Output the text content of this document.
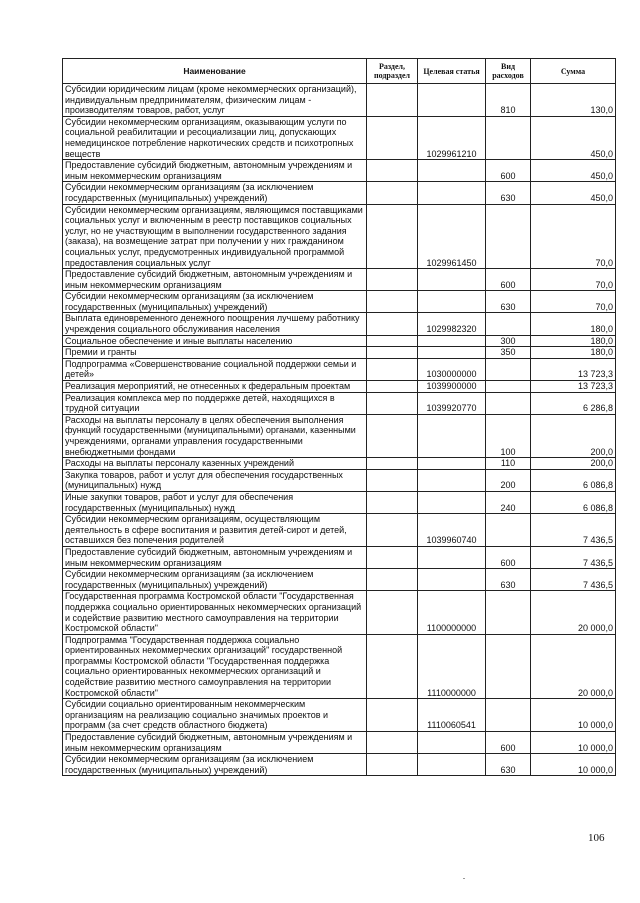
Наименование	Раздел, подраздел	Целевая статья	Вид расходов	Сумма
Субсидии юридическим лицам (кроме некоммерческих организаций), индивидуальным предпринимателям, физическим лицам - производителям товаров, работ, услуг			810	130,0
Субсидии некоммерческим организациям, оказывающим услуги по социальной реабилитации и ресоциализации лиц, допускающих немедицинское потребление наркотических средств и психотропных веществ		1029961210		450,0
Предоставление субсидий бюджетным, автономным учреждениям и иным некоммерческим организациям			600	450,0
Субсидии некоммерческим организациям (за исключением государственных (муниципальных) учреждений)			630	450,0
Субсидии некоммерческим организациям, являющимся поставщиками социальных услуг и включенным в реестр поставщиков социальных услуг, но не участвующим в выполнении государственного задания (заказа), на возмещение затрат при получении у них гражданином социальных услуг, предусмотренных индивидуальной программой предоставления социальных услуг		1029961450		70,0
Предоставление субсидий бюджетным, автономным учреждениям и иным некоммерческим организациям			600	70,0
Субсидии некоммерческим организациям (за исключением государственных (муниципальных) учреждений)			630	70,0
Выплата единовременного денежного поощрения лучшему работнику учреждения социального обслуживания населения		1029982320		180,0
Социальное обеспечение и иные выплаты населению			300	180,0
Премии и гранты			350	180,0
Подпрограмма «Совершенствование социальной поддержки семьи и детей»		1030000000		13 723,3
Реализация мероприятий, не отнесенных к федеральным проектам		1039900000		13 723,3
Реализация комплекса мер по поддержке детей, находящихся в трудной ситуации		1039920770		6 286,8
Расходы на выплаты персоналу в целях обеспечения выполнения функций государственными (муниципальными) органами, казенными учреждениями, органами управления государственными внебюджетными фондами			100	200,0
Расходы на выплаты персоналу казенных учреждений			110	200,0
Закупка товаров, работ и услуг для обеспечения государственных (муниципальных) нужд			200	6 086,8
Иные закупки товаров, работ и услуг для обеспечения государственных (муниципальных) нужд			240	6 086,8
Субсидии некоммерческим организациям, осуществляющим деятельность в сфере воспитания и развития детей-сирот и детей, оставшихся без попечения родителей		1039960740		7 436,5
Предоставление субсидий бюджетным, автономным учреждениям и иным некоммерческим организациям			600	7 436,5
Субсидии некоммерческим организациям (за исключением государственных (муниципальных) учреждений)			630	7 436,5
Государственная программа Костромской области "Государственная поддержка социально ориентированных некоммерческих организаций и содействие развитию местного самоуправления на территории Костромской области"		1100000000		20 000,0
Подпрограмма "Государственная поддержка социально ориентированных некоммерческих организаций" государственной программы Костромской области "Государственная поддержка социально ориентированных некоммерческих организаций и содействие развитию местного самоуправления на территории Костромской области"		1110000000		20 000,0
Субсидии социально ориентированным некоммерческим организациям на реализацию социально значимых проектов и программ (за счет средств областного бюджета)		1110060541		10 000,0
Предоставление субсидий бюджетным, автономным учреждениям и иным некоммерческим организациям			600	10 000,0
Субсидии некоммерческим организациям (за исключением государственных (муниципальных) учреждений)			630	10 000,0
106
